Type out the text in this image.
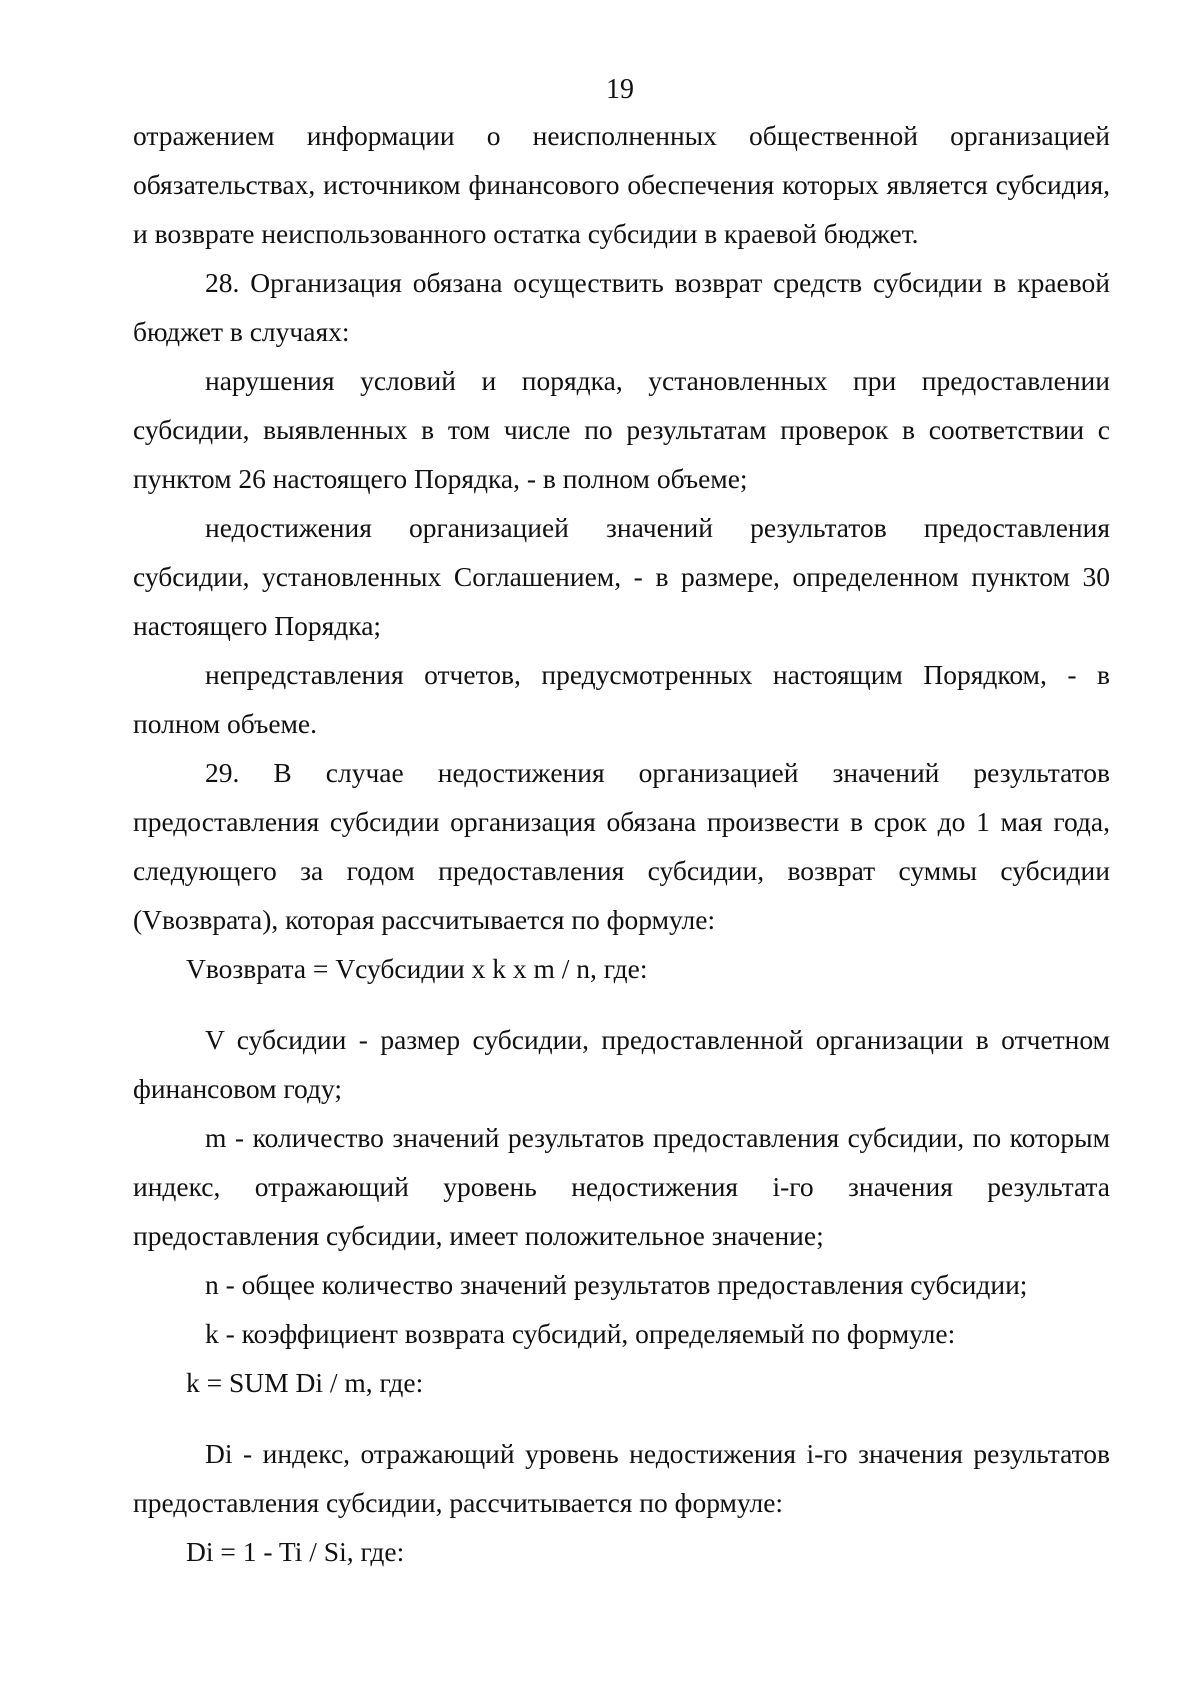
19

отражением информации о неисполненных общественной организацией обязательствах, источником финансового обеспечения которых является субсидия, и возврате неиспользованного остатка субсидии в краевой бюджет.

28. Организация обязана осуществить возврат средств субсидии в краевой бюджет в случаях:

нарушения условий и порядка, установленных при предоставлении субсидии, выявленных в том числе по результатам проверок в соответствии с пунктом 26 настоящего Порядка, - в полном объеме;

недостижения организацией значений результатов предоставления субсидии, установленных Соглашением, - в размере, определенном пунктом 30 настоящего Порядка;

непредставления отчетов, предусмотренных настоящим Порядком, - в полном объеме.

29. В случае недостижения организацией значений результатов предоставления субсидии организация обязана произвести в срок до 1 мая года, следующего за годом предоставления субсидии, возврат суммы субсидии (Vвозврата), которая рассчитывается по формуле:

Vвозврата = Vсубсидии x k x m / n, где:

V субсидии - размер субсидии, предоставленной организации в отчетном финансовом году;

m - количество значений результатов предоставления субсидии, по которым индекс, отражающий уровень недостижения i-го значения результата предоставления субсидии, имеет положительное значение;

n - общее количество значений результатов предоставления субсидии;

k - коэффициент возврата субсидий, определяемый по формуле:

k = SUM Di / m, где:

Di - индекс, отражающий уровень недостижения i-го значения результатов предоставления субсидии, рассчитывается по формуле:

Di = 1 - Ti / Si, где:
